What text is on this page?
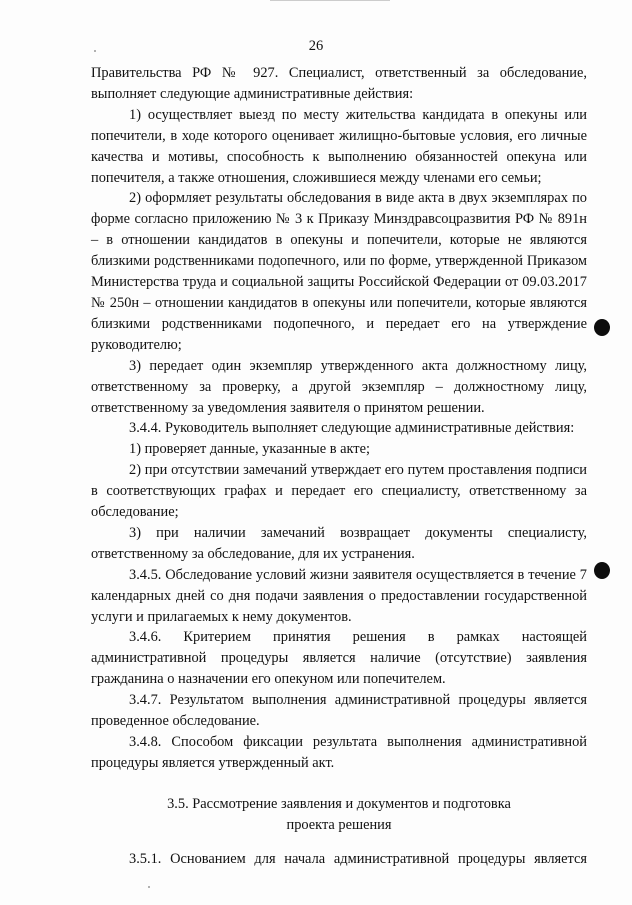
26

Правительства РФ № 927. Специалист, ответственный за обследование, выполняет следующие административные действия:

1) осуществляет выезд по месту жительства кандидата в опекуны или попечители, в ходе которого оценивает жилищно-бытовые условия, его личные качества и мотивы, способность к выполнению обязанностей опекуна или попечителя, а также отношения, сложившиеся между членами его семьи;

2) оформляет результаты обследования в виде акта в двух экземплярах по форме согласно приложению № 3 к Приказу Минздравсоцразвития РФ № 891н – в отношении кандидатов в опекуны и попечители, которые не являются близкими родственниками подопечного, или по форме, утвержденной Приказом Министерства труда и социальной защиты Российской Федерации от 09.03.2017 № 250н – отношении кандидатов в опекуны или попечители, которые являются близкими родственниками подопечного, и передает его на утверждение руководителю;

3) передает один экземпляр утвержденного акта должностному лицу, ответственному за проверку, а другой экземпляр – должностному лицу, ответственному за уведомления заявителя о принятом решении.

3.4.4. Руководитель выполняет следующие административные действия:

1) проверяет данные, указанные в акте;

2) при отсутствии замечаний утверждает его путем проставления подписи в соответствующих графах и передает его специалисту, ответственному за обследование;

3) при наличии замечаний возвращает документы специалисту, ответственному за обследование, для их устранения.

3.4.5. Обследование условий жизни заявителя осуществляется в течение 7 календарных дней со дня подачи заявления о предоставлении государственной услуги и прилагаемых к нему документов.

3.4.6. Критерием принятия решения в рамках настоящей административной процедуры является наличие (отсутствие) заявления гражданина о назначении его опекуном или попечителем.

3.4.7. Результатом выполнения административной процедуры является проведенное обследование.

3.4.8. Способом фиксации результата выполнения административной процедуры является утвержденный акт.

3.5. Рассмотрение заявления и документов и подготовка
проекта решения

3.5.1. Основанием для начала административной процедуры является
